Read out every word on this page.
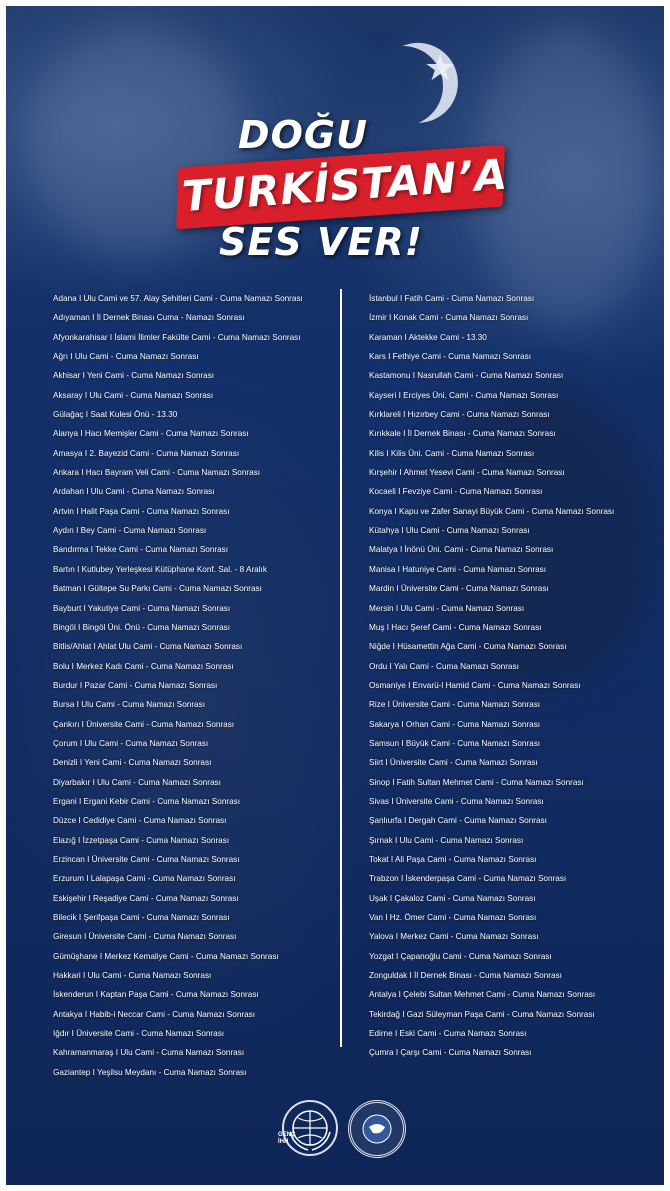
★
DOĞU
TURKİSTAN’A
SES VER!
Adana I Ulu Cami ve 57. Alay Şehitleri Cami - Cuma Namazı Sonrası
Adıyaman I İl Dernek Binası Cuma - Namazı Sonrası
Afyonkarahisar I İslami İlimler Fakülte Cami - Cuma Namazı Sonrası
Ağrı I Ulu Cami - Cuma Namazı Sonrası
Akhisar I Yeni Cami - Cuma Namazı Sonrası
Aksaray I Ulu Cami - Cuma Namazı Sonrası
Gülağaç I Saat Kulesi Önü - 13.30
Alanya I Hacı Memişler Cami - Cuma Namazı Sonrası
Amasya I 2. Bayezid Cami - Cuma Namazı Sonrası
Ankara I Hacı Bayram Veli Cami - Cuma Namazı Sonrası
Ardahan I Ulu Cami - Cuma Namazı Sonrası
Artvin I Halit Paşa Cami - Cuma Namazı Sonrası
Aydın I Bey Cami - Cuma Namazı Sonrası
Bandırma I Tekke Cami - Cuma Namazı Sonrası
Bartın I Kutlubey Yerleşkesi Kütüphane Konf. Sal. - 8 Aralık
Batman I Gültepe Su Parkı Cami - Cuma Namazı Sonrası
Bayburt I Yakutiye Cami - Cuma Namazı Sonrası
Bingöl I Bingöl Üni. Önü - Cuma Namazı Sonrası
Bitlis/Ahlat I Ahlat Ulu Cami - Cuma Namazı Sonrası
Bolu I Merkez Kadı Cami - Cuma Namazı Sonrası
Burdur I Pazar Cami - Cuma Namazı Sonrası
Bursa I Ulu Cami - Cuma Namazı Sonrası
Çankırı I Üniversite Cami - Cuma Namazı Sonrası
Çorum I Ulu Cami - Cuma Namazı Sonrası
Denizli I Yeni Cami - Cuma Namazı Sonrası
Diyarbakır I Ulu Cami - Cuma Namazı Sonrası
Ergani I Ergani Kebir Cami - Cuma Namazı Sonrası
Düzce I Cedidiye Cami - Cuma Namazı Sonrası
Elazığ I İzzetpaşa Cami - Cuma Namazı Sonrası
Erzincan I Üniversite Cami - Cuma Namazı Sonrası
Erzurum I Lalapaşa Cami - Cuma Namazı Sonrası
Eskişehir I Reşadiye Cami - Cuma Namazı Sonrası
Bilecik I Şerifpaşa Cami - Cuma Namazı Sonrası
Giresun I Üniversite Cami - Cuma Namazı Sonrası
Gümüşhane I Merkez Kemaliye Cami - Cuma Namazı Sonrası
Hakkari I Ulu Cami - Cuma Namazı Sonrası
İskenderun I Kaptan Paşa Cami - Cuma Namazı Sonrası
Antakya I Habib-i Neccar Cami - Cuma Namazı Sonrası
Iğdır I Üniversite Cami - Cuma Namazı Sonrası
Kahramanmaraş I Ulu Cami - Cuma Namazı Sonrası
Gaziantep I Yeşilsu Meydanı - Cuma Namazı Sonrası
İstanbul I Fatih Cami - Cuma Namazı Sonrası
İzmir I Konak Cami - Cuma Namazı Sonrası
Karaman I Aktekke Cami - 13.30
Kars I Fethiye Cami - Cuma Namazı Sonrası
Kastamonu I Nasrullah Cami - Cuma Namazı Sonrası
Kayseri I Erciyes Üni. Cami - Cuma Namazı Sonrası
Kırklareli I Hızırbey Cami - Cuma Namazı Sonrası
Kırıkkale I İl Dernek Binası - Cuma Namazı Sonrası
Kilis I Kilis Üni. Cami - Cuma Namazı Sonrası
Kırşehir I Ahmet Yesevi Cami - Cuma Namazı Sonrası
Kocaeli I Fevziye Cami - Cuma Namazı Sonrası
Konya I Kapu ve Zafer Sanayi Büyük Cami - Cuma Namazı Sonrası
Kütahya I Ulu Cami - Cuma Namazı Sonrası
Malatya I İnönü Üni. Cami - Cuma Namazı Sonrası
Manisa I Hatuniye Cami - Cuma Namazı Sonrası
Mardin I Üniversite Cami - Cuma Namazı Sonrası
Mersin I Ulu Cami - Cuma Namazı Sonrası
Muş I Hacı Şeref Cami - Cuma Namazı Sonrası
Niğde I Hüsamettin Ağa Cami - Cuma Namazı Sonrası
Ordu I Yalı Cami - Cuma Namazı Sonrası
Osmaniye I Envarü-l Hamid Cami - Cuma Namazı Sonrası
Rize I Üniversite Cami - Cuma Namazı Sonrası
Sakarya I Orhan Cami - Cuma Namazı Sonrası
Samsun I Büyük Cami - Cuma Namazı Sonrası
Siirt I Üniversite Cami - Cuma Namazı Sonrası
Sinop I Fatih Sultan Mehmet Cami - Cuma Namazı Sonrası
Sivas I Üniversite Cami - Cuma Namazı Sonrası
Şanlıurfa I Dergah Cami - Cuma Namazı Sonrası
Şırnak I Ulu Cami - Cuma Namazı Sonrası
Tokat I Ali Paşa Cami - Cuma Namazı Sonrası
Trabzon I İskenderpaşa Cami - Cuma Namazı Sonrası
Uşak I Çakaloz Cami - Cuma Namazı Sonrası
Van I Hz. Ömer Cami - Cuma Namazı Sonrası
Yalova I Merkez Cami - Cuma Namazı Sonrası
Yozgat I Çapanoğlu Cami - Cuma Namazı Sonrası
Zonguldak I İl Dernek Binası - Cuma Namazı Sonrası
Antalya I Çelebi Sultan Mehmet Cami - Cuma Namazı Sonrası
Tekirdağ I Gazi Süleyman Paşa Cami - Cuma Namazı Sonrası
Edirne I Eski Cami - Cuma Namazı Sonrası
Çumra I Çarşı Cami - Cuma Namazı Sonrası
GENÇ
İHH
